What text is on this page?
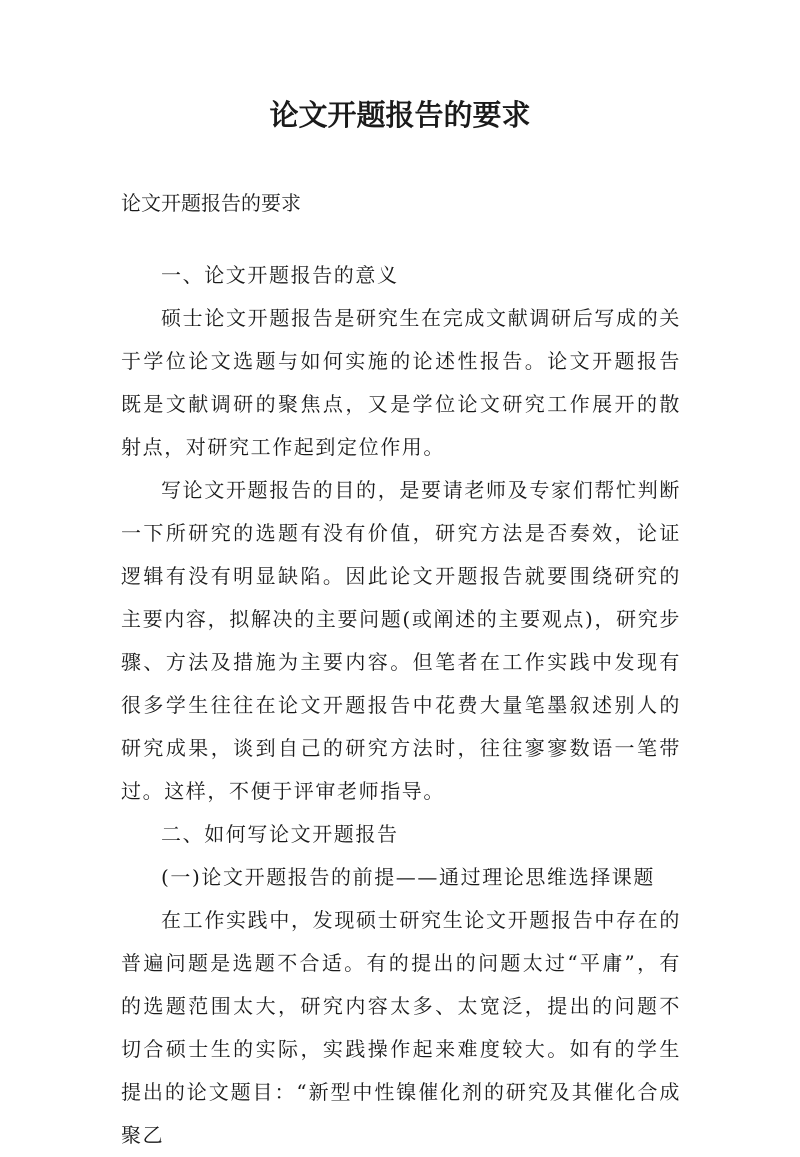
论文开题报告的要求
论文开题报告的要求

一、论文开题报告的意义

硕士论文开题报告是研究生在完成文献调研后写成的关于学位论文选题与如何实施的论述性报告。论文开题报告既是文献调研的聚焦点，又是学位论文研究工作展开的散射点，对研究工作起到定位作用。

写论文开题报告的目的，是要请老师及专家们帮忙判断一下所研究的选题有没有价值，研究方法是否奏效，论证逻辑有没有明显缺陷。因此论文开题报告就要围绕研究的主要内容，拟解决的主要问题(或阐述的主要观点)，研究步骤、方法及措施为主要内容。但笔者在工作实践中发现有很多学生往往在论文开题报告中花费大量笔墨叙述别人的研究成果，谈到自己的研究方法时，往往寥寥数语一笔带过。这样，不便于评审老师指导。

二、如何写论文开题报告

(一)论文开题报告的前提——通过理论思维选择课题

在工作实践中，发现硕士研究生论文开题报告中存在的普遍问题是选题不合适。有的提出的问题太过“平庸”，有的选题范围太大，研究内容太多、太宽泛，提出的问题不切合硕士生的实际，实践操作起来难度较大。如有的学生提出的论文题目：“新型中性镍催化剂的研究及其催化合成聚乙
